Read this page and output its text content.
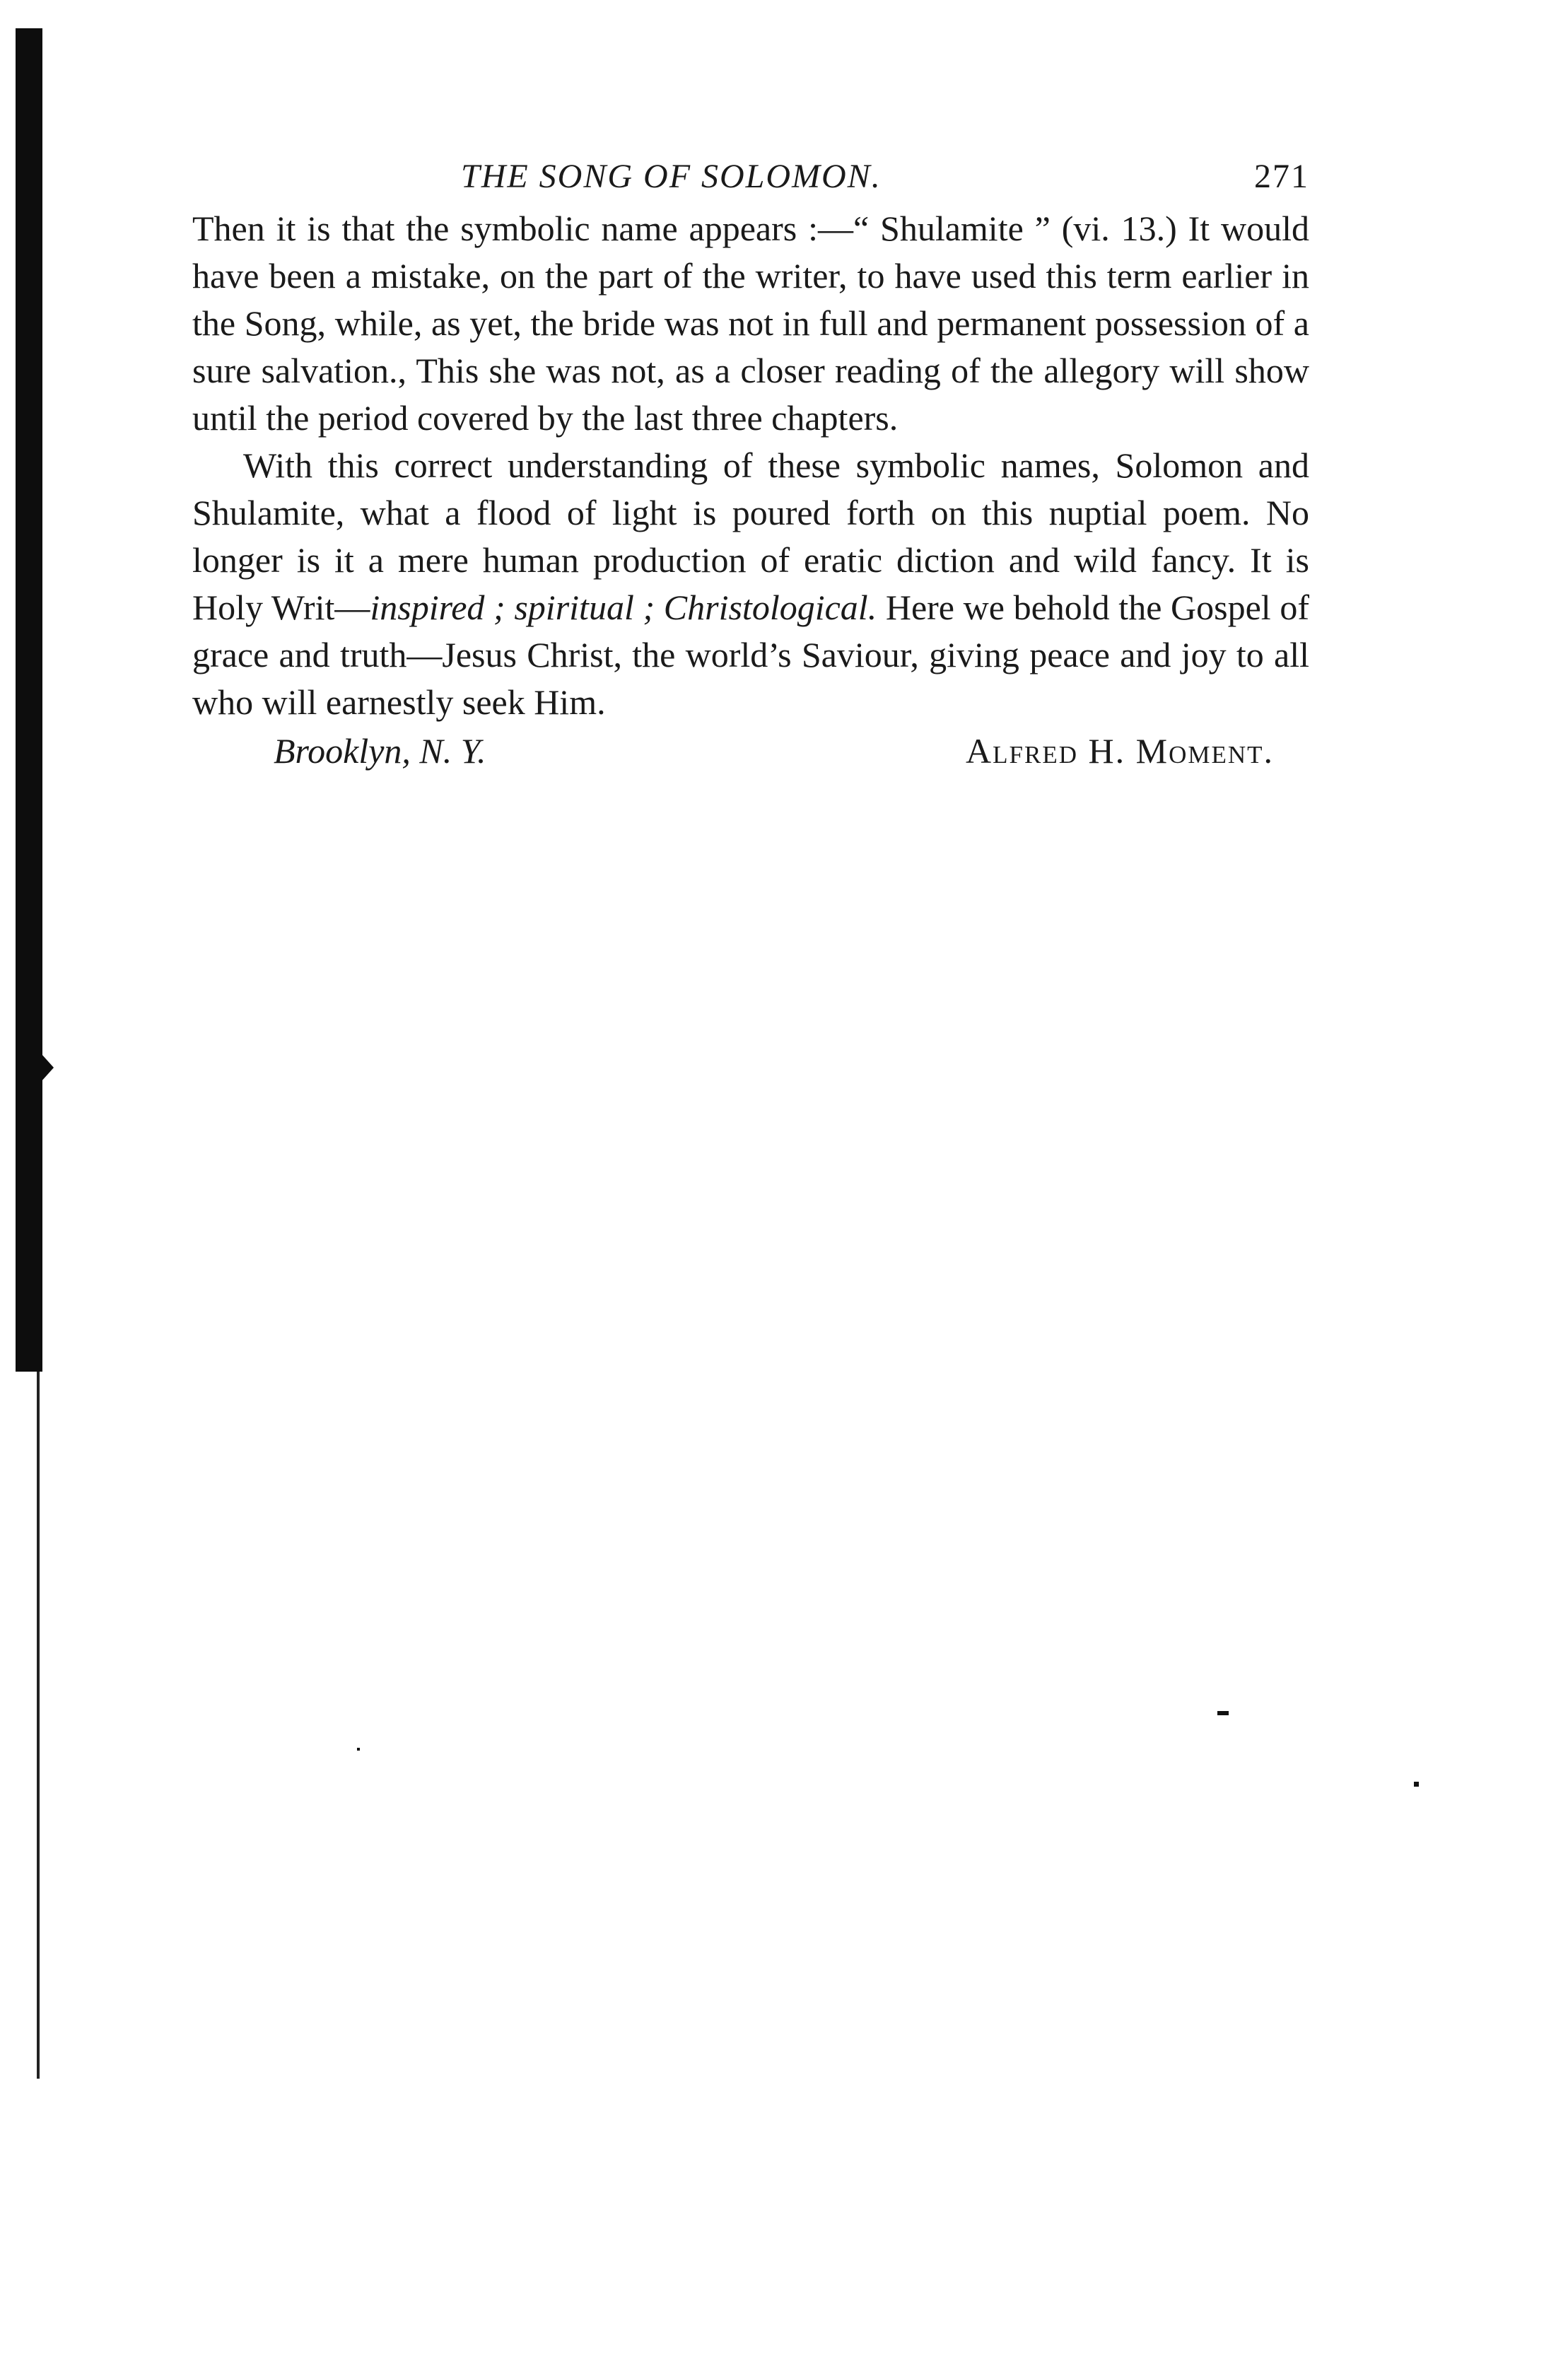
THE SONG OF SOLOMON.	271

Then it is that the symbolic name appears :—“ Shulamite ” (vi. 13.) It would have been a mistake, on the part of the writer, to have used this term earlier in the Song, while, as yet, the bride was not in full and permanent possession of a sure salvation., This she was not, as a closer reading of the allegory will show until the period covered by the last three chapters.

With this correct understanding of these symbolic names, Solomon and Shulamite, what a flood of light is poured forth on this nuptial poem. No longer is it a mere human production of eratic diction and wild fancy. It is Holy Writ—inspired ; spiritual ; Christological. Here we behold the Gospel of grace and truth—Jesus Christ, the world’s Saviour, giving peace and joy to all who will earnestly seek Him.

Brooklyn, N. Y.	Alfred H. Moment.
